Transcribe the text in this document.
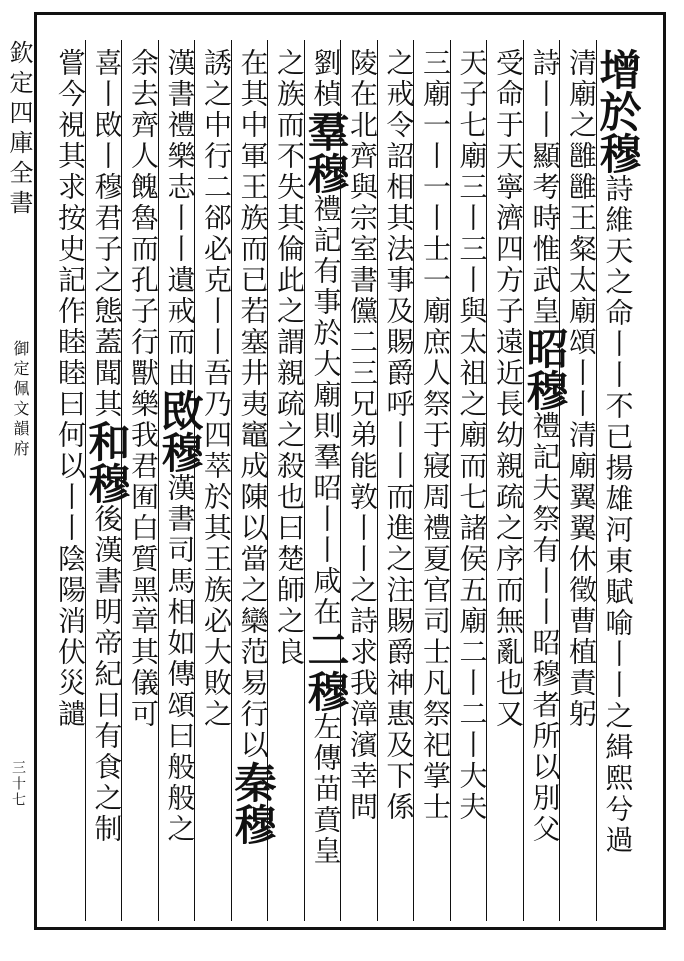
欽定四庫全書
御定佩文韻府
三十七
增於穆詩維天之命丨丨不已揚雄河東賦喻丨丨之緝熙兮過
清廟之雝雝王粲太廟頌丨丨清廟翼翼休徵曹植責躬
詩丨丨顯考時惟武皇昭穆禮記夫祭有丨丨昭穆者所以別父
受命于天寧濟四方子遠近長幼親疏之序而無亂也又
天子七廟三丨三丨與太祖之廟而七諸侯五廟二丨二丨大夫
三廟一丨一丨士一廟庶人祭于寢周禮夏官司士凡祭祀掌士
之戒令詔相其法事及賜爵呼丨丨而進之注賜爵神惠及下係
陵在北齊與宗室書儻二三兄弟能敦丨丨之詩求我漳濱幸問
劉楨羣穆禮記有事於大廟則羣昭丨丨咸在二穆左傳苗賁皇
之族而不失其倫此之謂親疏之殺也曰楚師之良
在其中軍王族而已若塞井夷竈成陳以當之欒范易行以秦穆
誘之中行二郤必克丨丨吾乃四萃於其王族必大敗之
漢書禮樂志丨丨遺戒而由敃穆漢書司馬相如傳頌曰般般之
余去齊人餽魯而孔子行獸樂我君囿白質黑章其儀可
喜丨敃丨穆君子之態蓋聞其和穆後漢書明帝紀日有食之制
嘗今視其求按史記作睦睦曰何以丨丨陰陽消伏災譴
